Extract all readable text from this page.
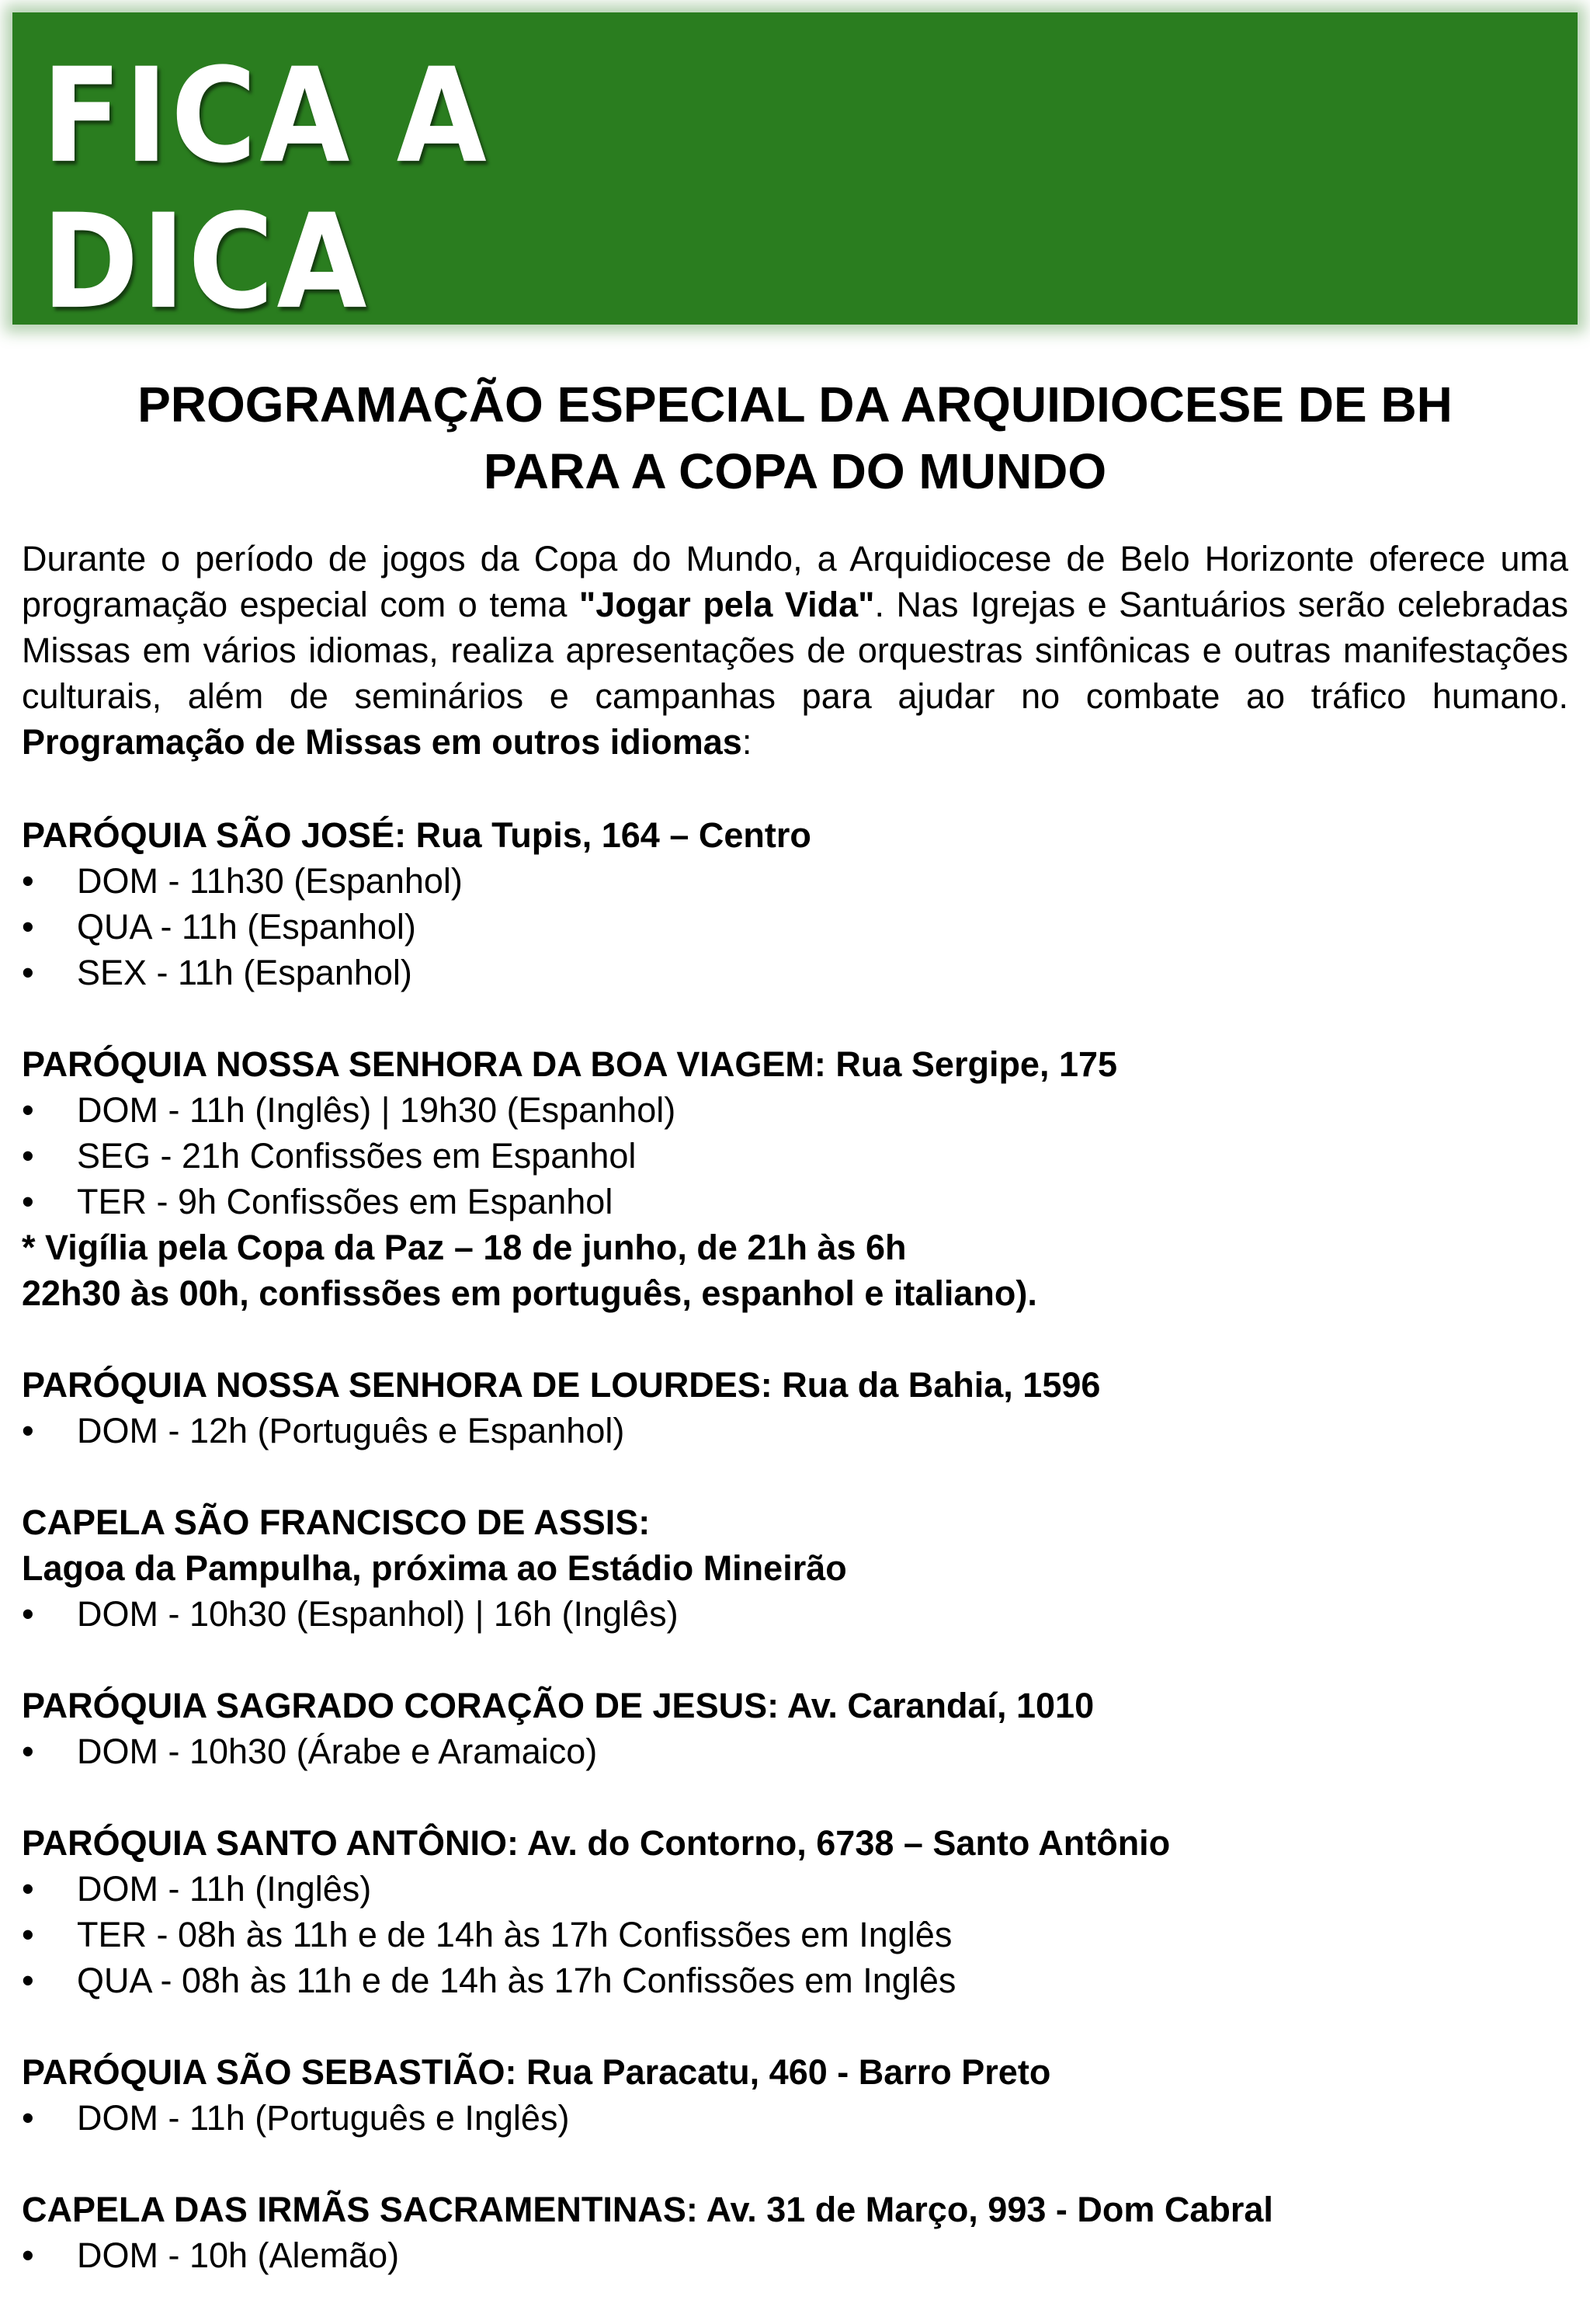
FICA A
DICA
PROGRAMAÇÃO ESPECIAL DA ARQUIDIOCESE DE BH
PARA A COPA DO MUNDO
Durante o período de jogos da Copa do Mundo, a Arquidiocese de Belo Horizonte oferece uma programação especial com o tema "Jogar pela Vida". Nas Igrejas e Santuários serão celebradas Missas em vários idiomas, realiza apresentações de orquestras sinfônicas e outras manifestações culturais, além de seminários e campanhas para ajudar no combate ao tráfico humano. Programação de Missas em outros idiomas:
PARÓQUIA SÃO JOSÉ: Rua Tupis, 164 – Centro
• DOM - 11h30 (Espanhol)
• QUA - 11h (Espanhol)
• SEX - 11h (Espanhol)
PARÓQUIA NOSSA SENHORA DA BOA VIAGEM: Rua Sergipe, 175
• DOM - 11h (Inglês) | 19h30 (Espanhol)
• SEG - 21h Confissões em Espanhol
• TER - 9h Confissões em Espanhol
* Vigília pela Copa da Paz – 18 de junho, de 21h às 6h
22h30 às 00h, confissões em português, espanhol e italiano).
PARÓQUIA NOSSA SENHORA DE LOURDES: Rua da Bahia, 1596
• DOM - 12h (Português e Espanhol)
CAPELA SÃO FRANCISCO DE ASSIS:
Lagoa da Pampulha, próxima ao Estádio Mineirão
• DOM - 10h30 (Espanhol) | 16h (Inglês)
PARÓQUIA SAGRADO CORAÇÃO DE JESUS: Av. Carandaí, 1010
• DOM - 10h30 (Árabe e Aramaico)
PARÓQUIA SANTO ANTÔNIO: Av. do Contorno, 6738 – Santo Antônio
• DOM - 11h (Inglês)
• TER - 08h às 11h e de 14h às 17h Confissões em Inglês
• QUA - 08h às 11h e de 14h às 17h Confissões em Inglês
PARÓQUIA SÃO SEBASTIÃO: Rua Paracatu, 460 - Barro Preto
• DOM - 11h (Português e Inglês)
CAPELA DAS IRMÃS SACRAMENTINAS: Av. 31 de Março, 993 - Dom Cabral
• DOM - 10h (Alemão)
